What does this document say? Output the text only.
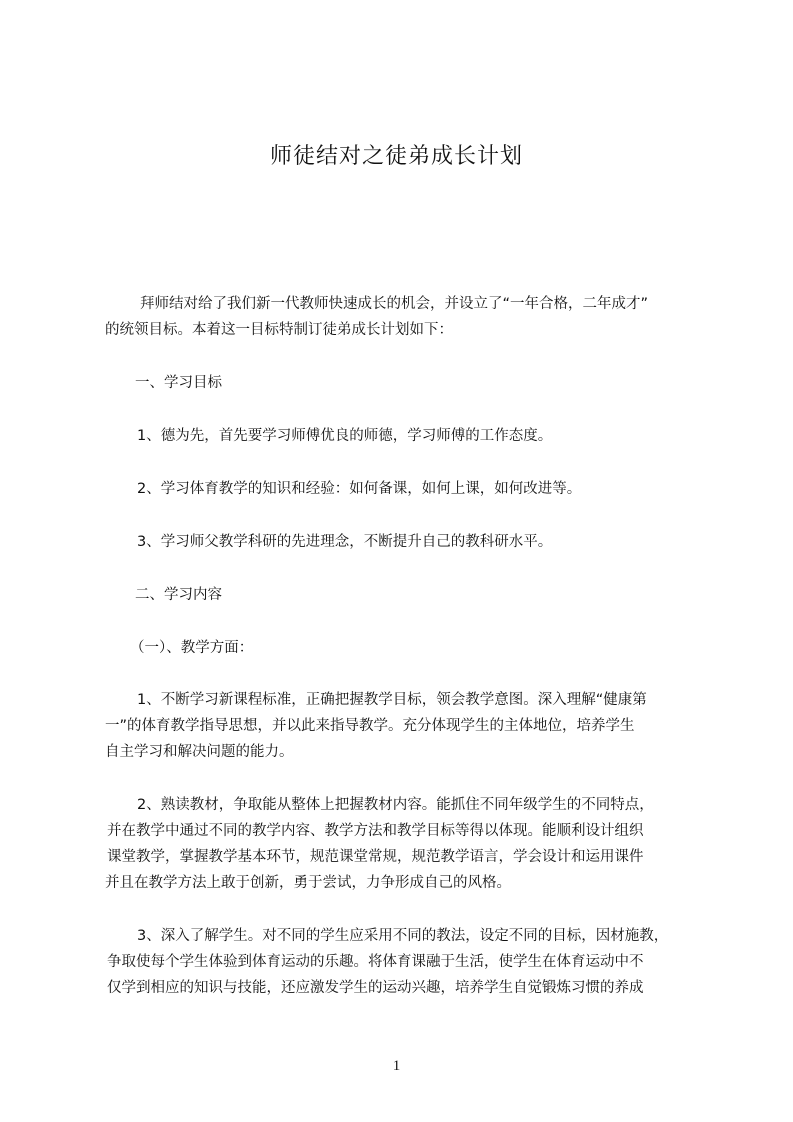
师徒结对之徒弟成长计划
拜师结对给了我们新一代教师快速成长的机会，并设立了“一年合格，二年成才”
的统领目标。本着这一目标特制订徒弟成长计划如下：
一、学习目标
1、德为先，首先要学习师傅优良的师德，学习师傅的工作态度。
2、学习体育教学的知识和经验：如何备课，如何上课，如何改进等。
3、学习师父教学科研的先进理念，不断提升自己的教科研水平。
二、学习内容
（一）、教学方面：
1、不断学习新课程标准，正确把握教学目标，领会教学意图。深入理解“健康第
一”的体育教学指导思想，并以此来指导教学。充分体现学生的主体地位，培养学生
自主学习和解决问题的能力。
2、熟读教材，争取能从整体上把握教材内容。能抓住不同年级学生的不同特点，
并在教学中通过不同的教学内容、教学方法和教学目标等得以体现。能顺利设计组织
课堂教学，掌握教学基本环节，规范课堂常规，规范教学语言，学会设计和运用课件
并且在教学方法上敢于创新，勇于尝试，力争形成自己的风格。
3、深入了解学生。对不同的学生应采用不同的教法，设定不同的目标，因材施教，
争取使每个学生体验到体育运动的乐趣。将体育课融于生活，使学生在体育运动中不
仅学到相应的知识与技能，还应激发学生的运动兴趣，培养学生自觉锻炼习惯的养成
1
